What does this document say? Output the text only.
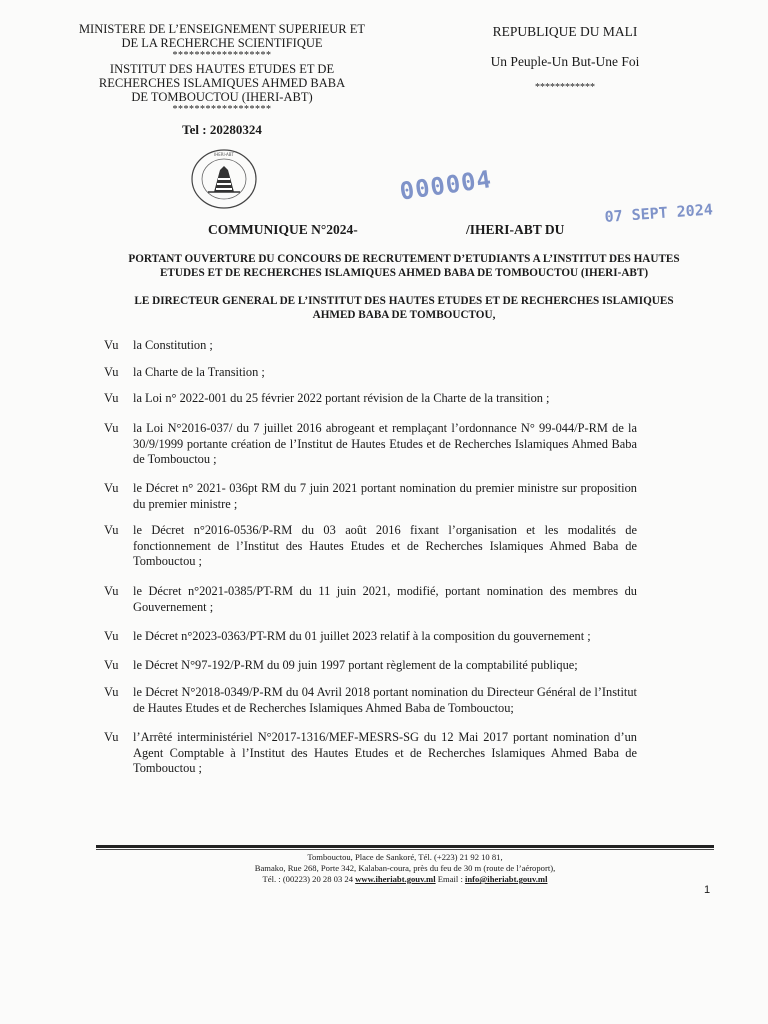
MINISTERE DE L’ENSEIGNEMENT SUPERIEUR ET
DE LA RECHERCHE SCIENTIFIQUE
******************
INSTITUT DES HAUTES ETUDES ET DE
RECHERCHES ISLAMIQUES AHMED BABA
DE TOMBOUCTOU (IHERI-ABT)
******************
Tel : 20280324
REPUBLIQUE DU MALI
Un Peuple-Un But-Une Foi
************
IHERI-ABT
000004
07 SEPT 2024
COMMUNIQUE N°2024-	/IHERI-ABT DU
PORTANT OUVERTURE DU CONCOURS DE RECRUTEMENT D’ETUDIANTS A L’INSTITUT DES HAUTES
ETUDES ET DE RECHERCHES ISLAMIQUES AHMED BABA DE TOMBOUCTOU (IHERI-ABT)
LE DIRECTEUR GENERAL DE L’INSTITUT DES HAUTES ETUDES ET DE RECHERCHES ISLAMIQUES
AHMED BABA DE TOMBOUCTOU,
Vu la Constitution ;
Vu la Charte de la Transition ;
Vu la Loi n° 2022-001 du 25 février 2022 portant révision de la Charte de la transition ;
Vu la Loi N°2016-037/ du 7 juillet 2016 abrogeant et remplaçant l’ordonnance N° 99-044/P-RM de la 30/9/1999 portante création de l’Institut de Hautes Etudes et de Recherches Islamiques Ahmed Baba de Tombouctou ;
Vu le Décret n° 2021- 036pt RM du 7 juin 2021 portant nomination du premier ministre sur proposition du premier ministre ;
Vu le Décret n°2016-0536/P-RM du 03 août 2016 fixant l’organisation et les modalités de fonctionnement de l’Institut des Hautes Etudes et de Recherches Islamiques Ahmed Baba de Tombouctou ;
Vu le Décret n°2021-0385/PT-RM du 11 juin 2021, modifié, portant nomination des membres du Gouvernement ;
Vu le Décret n°2023-0363/PT-RM du 01 juillet 2023 relatif à la composition du gouvernement ;
Vu le Décret N°97-192/P-RM du 09 juin 1997 portant règlement de la comptabilité publique;
Vu le Décret N°2018-0349/P-RM du 04 Avril 2018 portant nomination du Directeur Général de l’Institut de Hautes Etudes et de Recherches Islamiques Ahmed Baba de Tombouctou;
Vu l’Arrêté interministériel N°2017-1316/MEF-MESRS-SG du 12 Mai 2017 portant nomination d’un Agent Comptable à l’Institut des Hautes Etudes et de Recherches Islamiques Ahmed Baba de Tombouctou ;
Tombouctou, Place de Sankoré, Tél. (+223) 21 92 10 81,
Bamako, Rue 268, Porte 342, Kalaban-coura, près du feu de 30 m (route de l’aéroport),
Tél. : (00223) 20 28 03 24 www.iheriabt.gouv.ml Email : info@iheriabt.gouv.ml
1
